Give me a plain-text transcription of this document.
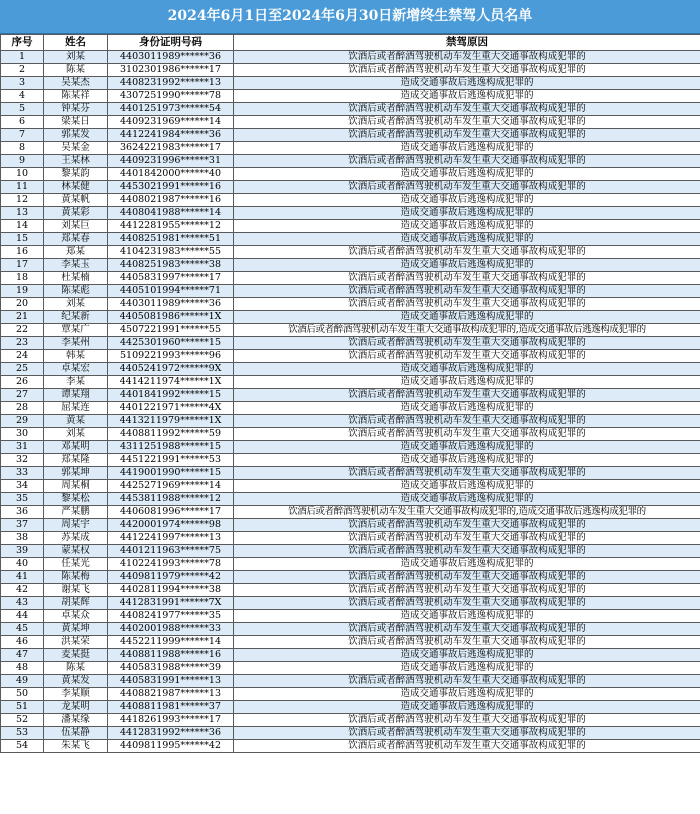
2024年6月1日至2024年6月30日新增终生禁驾人员名单
序号	姓名	身份证明号码	禁驾原因
1	刘某	4403011989******36	饮酒后或者醉酒驾驶机动车发生重大交通事故构成犯罪的
2	陈某	3102301986******17	饮酒后或者醉酒驾驶机动车发生重大交通事故构成犯罪的
3	吴某杰	4408231992******13	造成交通事故后逃逸构成犯罪的
4	陈某祥	4307251990******78	造成交通事故后逃逸构成犯罪的
5	钟某芬	4401251973******54	饮酒后或者醉酒驾驶机动车发生重大交通事故构成犯罪的
6	梁某日	4409231969******14	饮酒后或者醉酒驾驶机动车发生重大交通事故构成犯罪的
7	郭某发	4412241984******36	饮酒后或者醉酒驾驶机动车发生重大交通事故构成犯罪的
8	吴某金	3624221983******17	造成交通事故后逃逸构成犯罪的
9	王某林	4409231996******31	饮酒后或者醉酒驾驶机动车发生重大交通事故构成犯罪的
10	黎某韵	4401842000******40	造成交通事故后逃逸构成犯罪的
11	林某健	4453021991******16	饮酒后或者醉酒驾驶机动车发生重大交通事故构成犯罪的
12	黄某帆	4408021987******16	造成交通事故后逃逸构成犯罪的
13	黄某彩	4408041988******14	造成交通事故后逃逸构成犯罪的
14	刘某巨	4412281955******12	造成交通事故后逃逸构成犯罪的
15	郑某春	4408251981******51	造成交通事故后逃逸构成犯罪的
16	郑某	4104231983******55	饮酒后或者醉酒驾驶机动车发生重大交通事故构成犯罪的
17	李某玉	4408251983******38	造成交通事故后逃逸构成犯罪的
18	杜某楠	4405831997******17	饮酒后或者醉酒驾驶机动车发生重大交通事故构成犯罪的
19	陈某彪	4405101994******71	饮酒后或者醉酒驾驶机动车发生重大交通事故构成犯罪的
20	刘某	4403011989******36	饮酒后或者醉酒驾驶机动车发生重大交通事故构成犯罪的
21	纪某新	4405081986******1X	造成交通事故后逃逸构成犯罪的
22	覃某广	4507221991******55	饮酒后或者醉酒驾驶机动车发生重大交通事故构成犯罪的,造成交通事故后逃逸构成犯罪的
23	李某州	4425301960******15	饮酒后或者醉酒驾驶机动车发生重大交通事故构成犯罪的
24	韩某	5109221993******96	饮酒后或者醉酒驾驶机动车发生重大交通事故构成犯罪的
25	卓某宏	4405241972******9X	造成交通事故后逃逸构成犯罪的
26	李某	4414211974******1X	造成交通事故后逃逸构成犯罪的
27	谭某翔	4401841992******15	饮酒后或者醉酒驾驶机动车发生重大交通事故构成犯罪的
28	屈某连	4401221971******4X	造成交通事故后逃逸构成犯罪的
29	黄某	4413211979******1X	饮酒后或者醉酒驾驶机动车发生重大交通事故构成犯罪的
30	刘某	4408811992******59	饮酒后或者醉酒驾驶机动车发生重大交通事故构成犯罪的
31	邓某明	4311251988******15	造成交通事故后逃逸构成犯罪的
32	郑某隆	4451221991******53	造成交通事故后逃逸构成犯罪的
33	郭某坤	4419001990******15	饮酒后或者醉酒驾驶机动车发生重大交通事故构成犯罪的
34	周某桐	4425271969******14	造成交通事故后逃逸构成犯罪的
35	黎某松	4453811988******12	造成交通事故后逃逸构成犯罪的
36	严某鹏	4406081996******17	饮酒后或者醉酒驾驶机动车发生重大交通事故构成犯罪的,造成交通事故后逃逸构成犯罪的
37	周某宇	4420001974******98	饮酒后或者醉酒驾驶机动车发生重大交通事故构成犯罪的
38	苏某成	4412241997******13	饮酒后或者醉酒驾驶机动车发生重大交通事故构成犯罪的
39	蒙某权	4401211963******75	饮酒后或者醉酒驾驶机动车发生重大交通事故构成犯罪的
40	任某光	4102241993******78	造成交通事故后逃逸构成犯罪的
41	陈某梅	4409811979******42	饮酒后或者醉酒驾驶机动车发生重大交通事故构成犯罪的
42	谢某飞	4402811994******38	饮酒后或者醉酒驾驶机动车发生重大交通事故构成犯罪的
43	胡某辉	4412831991******7X	饮酒后或者醉酒驾驶机动车发生重大交通事故构成犯罪的
44	卓某众	4408241977******35	造成交通事故后逃逸构成犯罪的
45	黄某坤	4402001988******33	饮酒后或者醉酒驾驶机动车发生重大交通事故构成犯罪的
46	洪某荣	4452211999******14	饮酒后或者醉酒驾驶机动车发生重大交通事故构成犯罪的
47	麦某挺	4408811988******16	造成交通事故后逃逸构成犯罪的
48	陈某	4405831988******39	造成交通事故后逃逸构成犯罪的
49	黄某发	4405831991******13	饮酒后或者醉酒驾驶机动车发生重大交通事故构成犯罪的
50	李某顺	4408821987******13	造成交通事故后逃逸构成犯罪的
51	龙某明	4408811981******37	造成交通事故后逃逸构成犯罪的
52	潘某缘	4418261993******17	饮酒后或者醉酒驾驶机动车发生重大交通事故构成犯罪的
53	伍某静	4412831992******36	饮酒后或者醉酒驾驶机动车发生重大交通事故构成犯罪的
54	朱某飞	4409811995******42	饮酒后或者醉酒驾驶机动车发生重大交通事故构成犯罪的
